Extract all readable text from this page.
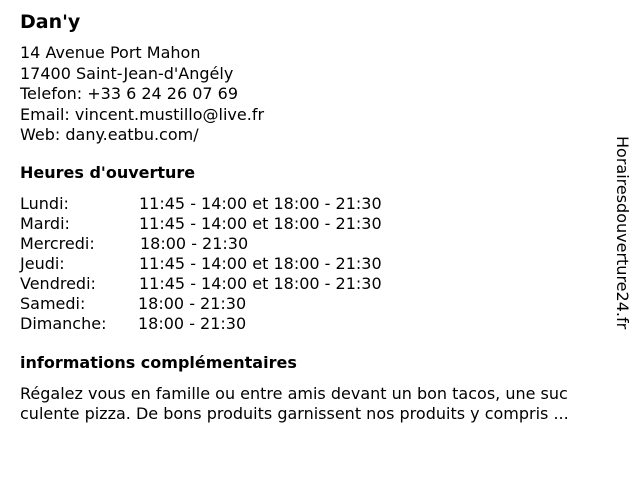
Dan'y
14 Avenue Port Mahon
17400 Saint-Jean-d'Angély
Telefon: +33 6 24 26 07 69
Email: vincent.mustillo@live.fr
Web: dany.eatbu.com/
Heures d'ouverture
Lundi:	11:45 - 14:00 et 18:00 - 21:30
Mardi:	11:45 - 14:00 et 18:00 - 21:30
Mercredi:	18:00 - 21:30
Jeudi:	11:45 - 14:00 et 18:00 - 21:30
Vendredi:	11:45 - 14:00 et 18:00 - 21:30
Samedi:	18:00 - 21:30
Dimanche:	18:00 - 21:30
informations complémentaires
Régalez vous en famille ou entre amis devant un bon tacos, une suc
culente pizza. De bons produits garnissent nos produits y compris ...
Horairesdouverture24.fr
